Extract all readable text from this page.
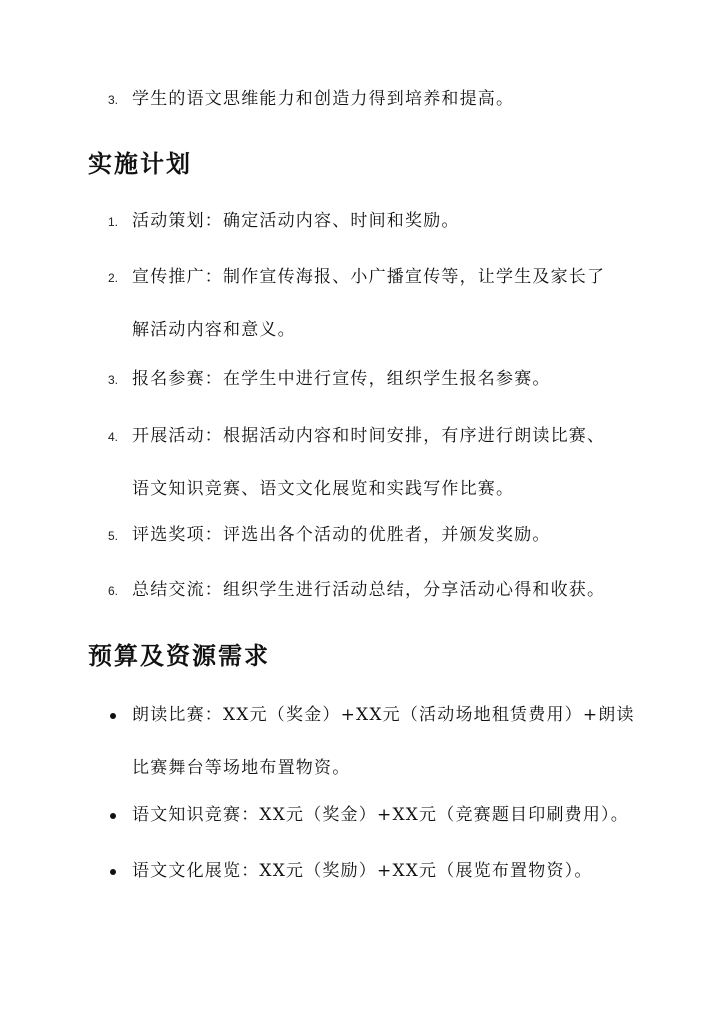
3. 学生的语文思维能力和创造力得到培养和提高。
实施计划
1. 活动策划：确定活动内容、时间和奖励。
2. 宣传推广：制作宣传海报、小广播宣传等，让学生及家长了
解活动内容和意义。
3. 报名参赛：在学生中进行宣传，组织学生报名参赛。
4. 开展活动：根据活动内容和时间安排，有序进行朗读比赛、
语文知识竞赛、语文文化展览和实践写作比赛。
5. 评选奖项：评选出各个活动的优胜者，并颁发奖励。
6. 总结交流：组织学生进行活动总结，分享活动心得和收获。
预算及资源需求
朗读比赛：XX元（奖金）+XX元（活动场地租赁费用）+朗读
比赛舞台等场地布置物资。
语文知识竞赛：XX元（奖金）+XX元（竞赛题目印刷费用）。
语文文化展览：XX元（奖励）+XX元（展览布置物资）。
